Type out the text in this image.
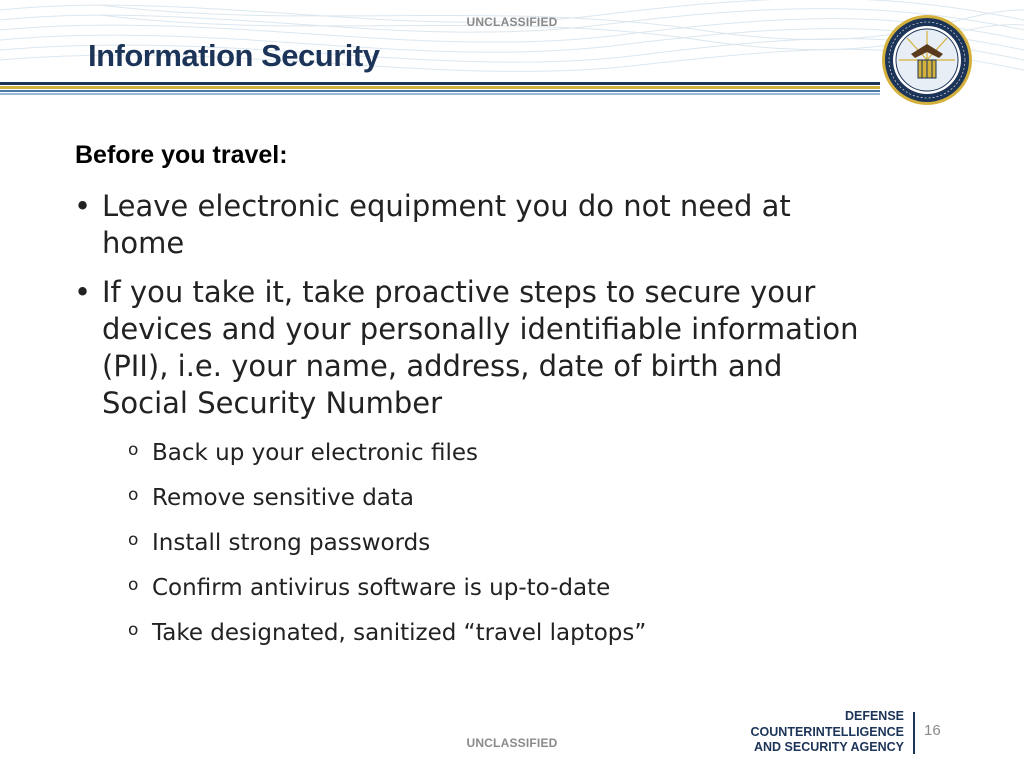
UNCLASSIFIED
Information Security
Before you travel:
• Leave electronic equipment you do not need at
home
• If you take it, take proactive steps to secure your
devices and your personally identifiable information
(PII), i.e. your name, address, date of birth and
Social Security Number
o Back up your electronic files
o Remove sensitive data
o Install strong passwords
o Confirm antivirus software is up-to-date
o Take designated, sanitized “travel laptops”
UNCLASSIFIED
DEFENSE
COUNTERINTELLIGENCE
AND SECURITY AGENCY
16
